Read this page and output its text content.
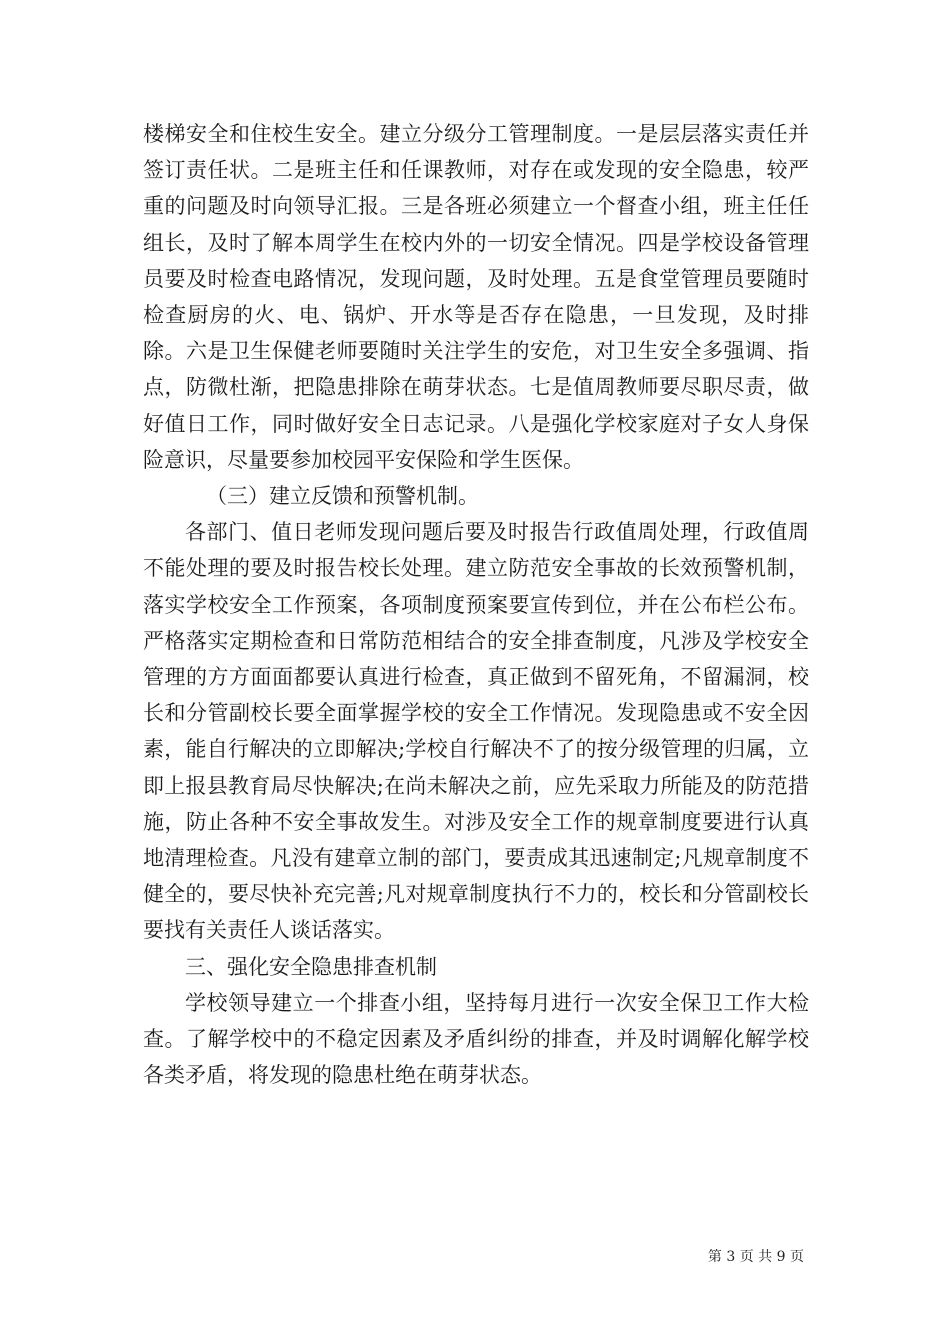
楼梯安全和住校生安全。建立分级分工管理制度。一是层层落实责任并签订责任状。二是班主任和任课教师，对存在或发现的安全隐患，较严重的问题及时向领导汇报。三是各班必须建立一个督查小组，班主任任组长，及时了解本周学生在校内外的一切安全情况。四是学校设备管理员要及时检查电路情况，发现问题，及时处理。五是食堂管理员要随时检查厨房的火、电、锅炉、开水等是否存在隐患，一旦发现，及时排除。六是卫生保健老师要随时关注学生的安危，对卫生安全多强调、指点，防微杜渐，把隐患排除在萌芽状态。七是值周教师要尽职尽责，做好值日工作，同时做好安全日志记录。八是强化学校家庭对子女人身保险意识，尽量要参加校园平安保险和学生医保。

（三）建立反馈和预警机制。

各部门、值日老师发现问题后要及时报告行政值周处理，行政值周不能处理的要及时报告校长处理。建立防范安全事故的长效预警机制，落实学校安全工作预案，各项制度预案要宣传到位，并在公布栏公布。严格落实定期检查和日常防范相结合的安全排查制度，凡涉及学校安全管理的方方面面都要认真进行检查，真正做到不留死角，不留漏洞，校长和分管副校长要全面掌握学校的安全工作情况。发现隐患或不安全因素，能自行解决的立即解决;学校自行解决不了的按分级管理的归属，立即上报县教育局尽快解决;在尚未解决之前，应先采取力所能及的防范措施，防止各种不安全事故发生。对涉及安全工作的规章制度要进行认真地清理检查。凡没有建章立制的部门，要责成其迅速制定;凡规章制度不健全的，要尽快补充完善;凡对规章制度执行不力的，校长和分管副校长要找有关责任人谈话落实。

三、强化安全隐患排查机制

学校领导建立一个排查小组，坚持每月进行一次安全保卫工作大检查。了解学校中的不稳定因素及矛盾纠纷的排查，并及时调解化解学校各类矛盾，将发现的隐患杜绝在萌芽状态。

第 3 页 共 9 页
